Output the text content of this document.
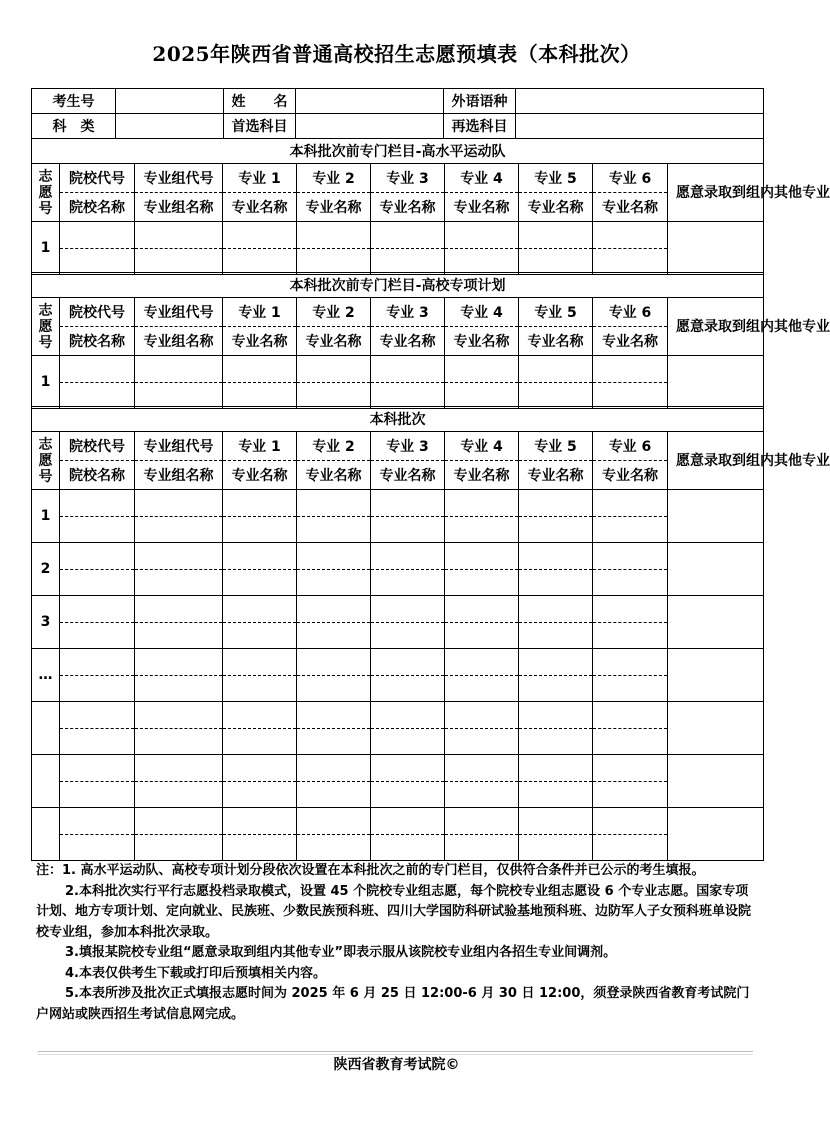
2025年陕西省普通高校招生志愿预填表（本科批次）
考生号		姓　　名		外语语种	
科　类		首选科目		再选科目	
本科批次前专门栏目-高水平运动队									
志
愿
号	院校代号	专业组代号	专业 1	专业 2	专业 3	专业 4	专业 5	专业 6	愿意录取到组内其他专业
	院校名称	专业组名称	专业名称	专业名称	专业名称	专业名称	专业名称	专业名称	
1									

本科批次前专门栏目-高校专项计划									
志
愿
号	院校代号	专业组代号	专业 1	专业 2	专业 3	专业 4	专业 5	专业 6	愿意录取到组内其他专业
	院校名称	专业组名称	专业名称	专业名称	专业名称	专业名称	专业名称	专业名称	
1									

本科批次									
志
愿
号	院校代号	专业组代号	专业 1	专业 2	专业 3	专业 4	专业 5	专业 6	愿意录取到组内其他专业
	院校名称	专业组名称	专业名称	专业名称	专业名称	专业名称	专业名称	专业名称	
1									

2									

3									

…									

注：1. 高水平运动队、高校专项计划分段依次设置在本科批次之前的专门栏目，仅供符合条件并已公示的考生填报。

2.本科批次实行平行志愿投档录取模式，设置 45 个院校专业组志愿，每个院校专业组志愿设 6 个专业志愿。国家专项计划、地方专项计划、定向就业、民族班、少数民族预科班、四川大学国防科研试验基地预科班、边防军人子女预科班单设院校专业组，参加本科批次录取。

3.填报某院校专业组“愿意录取到组内其他专业”即表示服从该院校专业组内各招生专业间调剂。

4.本表仅供考生下载或打印后预填相关内容。

5.本表所涉及批次正式填报志愿时间为 2025 年 6 月 25 日 12:00-6 月 30 日 12:00，须登录陕西省教育考试院门户网站或陕西招生考试信息网完成。

陕西省教育考试院©
